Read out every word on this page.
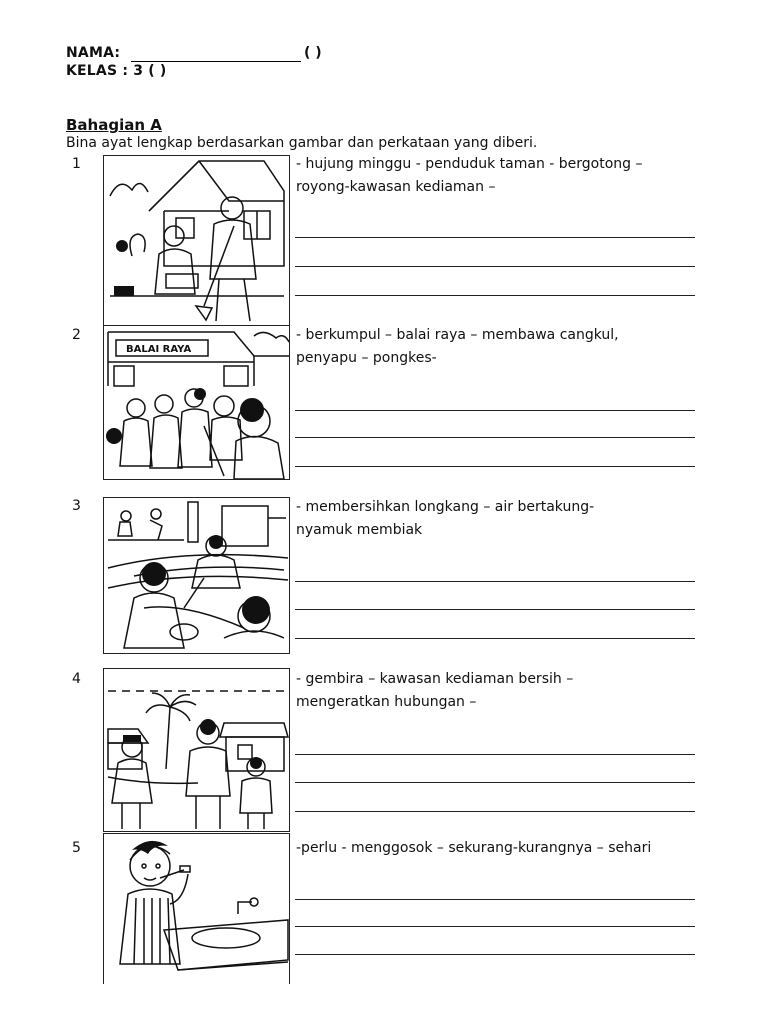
NAMA:	( )
KELAS : 3 ( )
Bahagian A
Bina ayat lengkap berdasarkan gambar dan perkataan yang diberi.
1	- hujung minggu - penduduk taman - bergotong –
royong-kawasan kediaman –
2
BALAI RAYA
- berkumpul – balai raya – membawa cangkul,
penyapu – pongkes-
3	- membersihkan longkang – air bertakung-
nyamuk membiak
4	- gembira – kawasan kediaman bersih –
mengeratkan hubungan –
5	-perlu - menggosok – sekurang-kurangnya – sehari
